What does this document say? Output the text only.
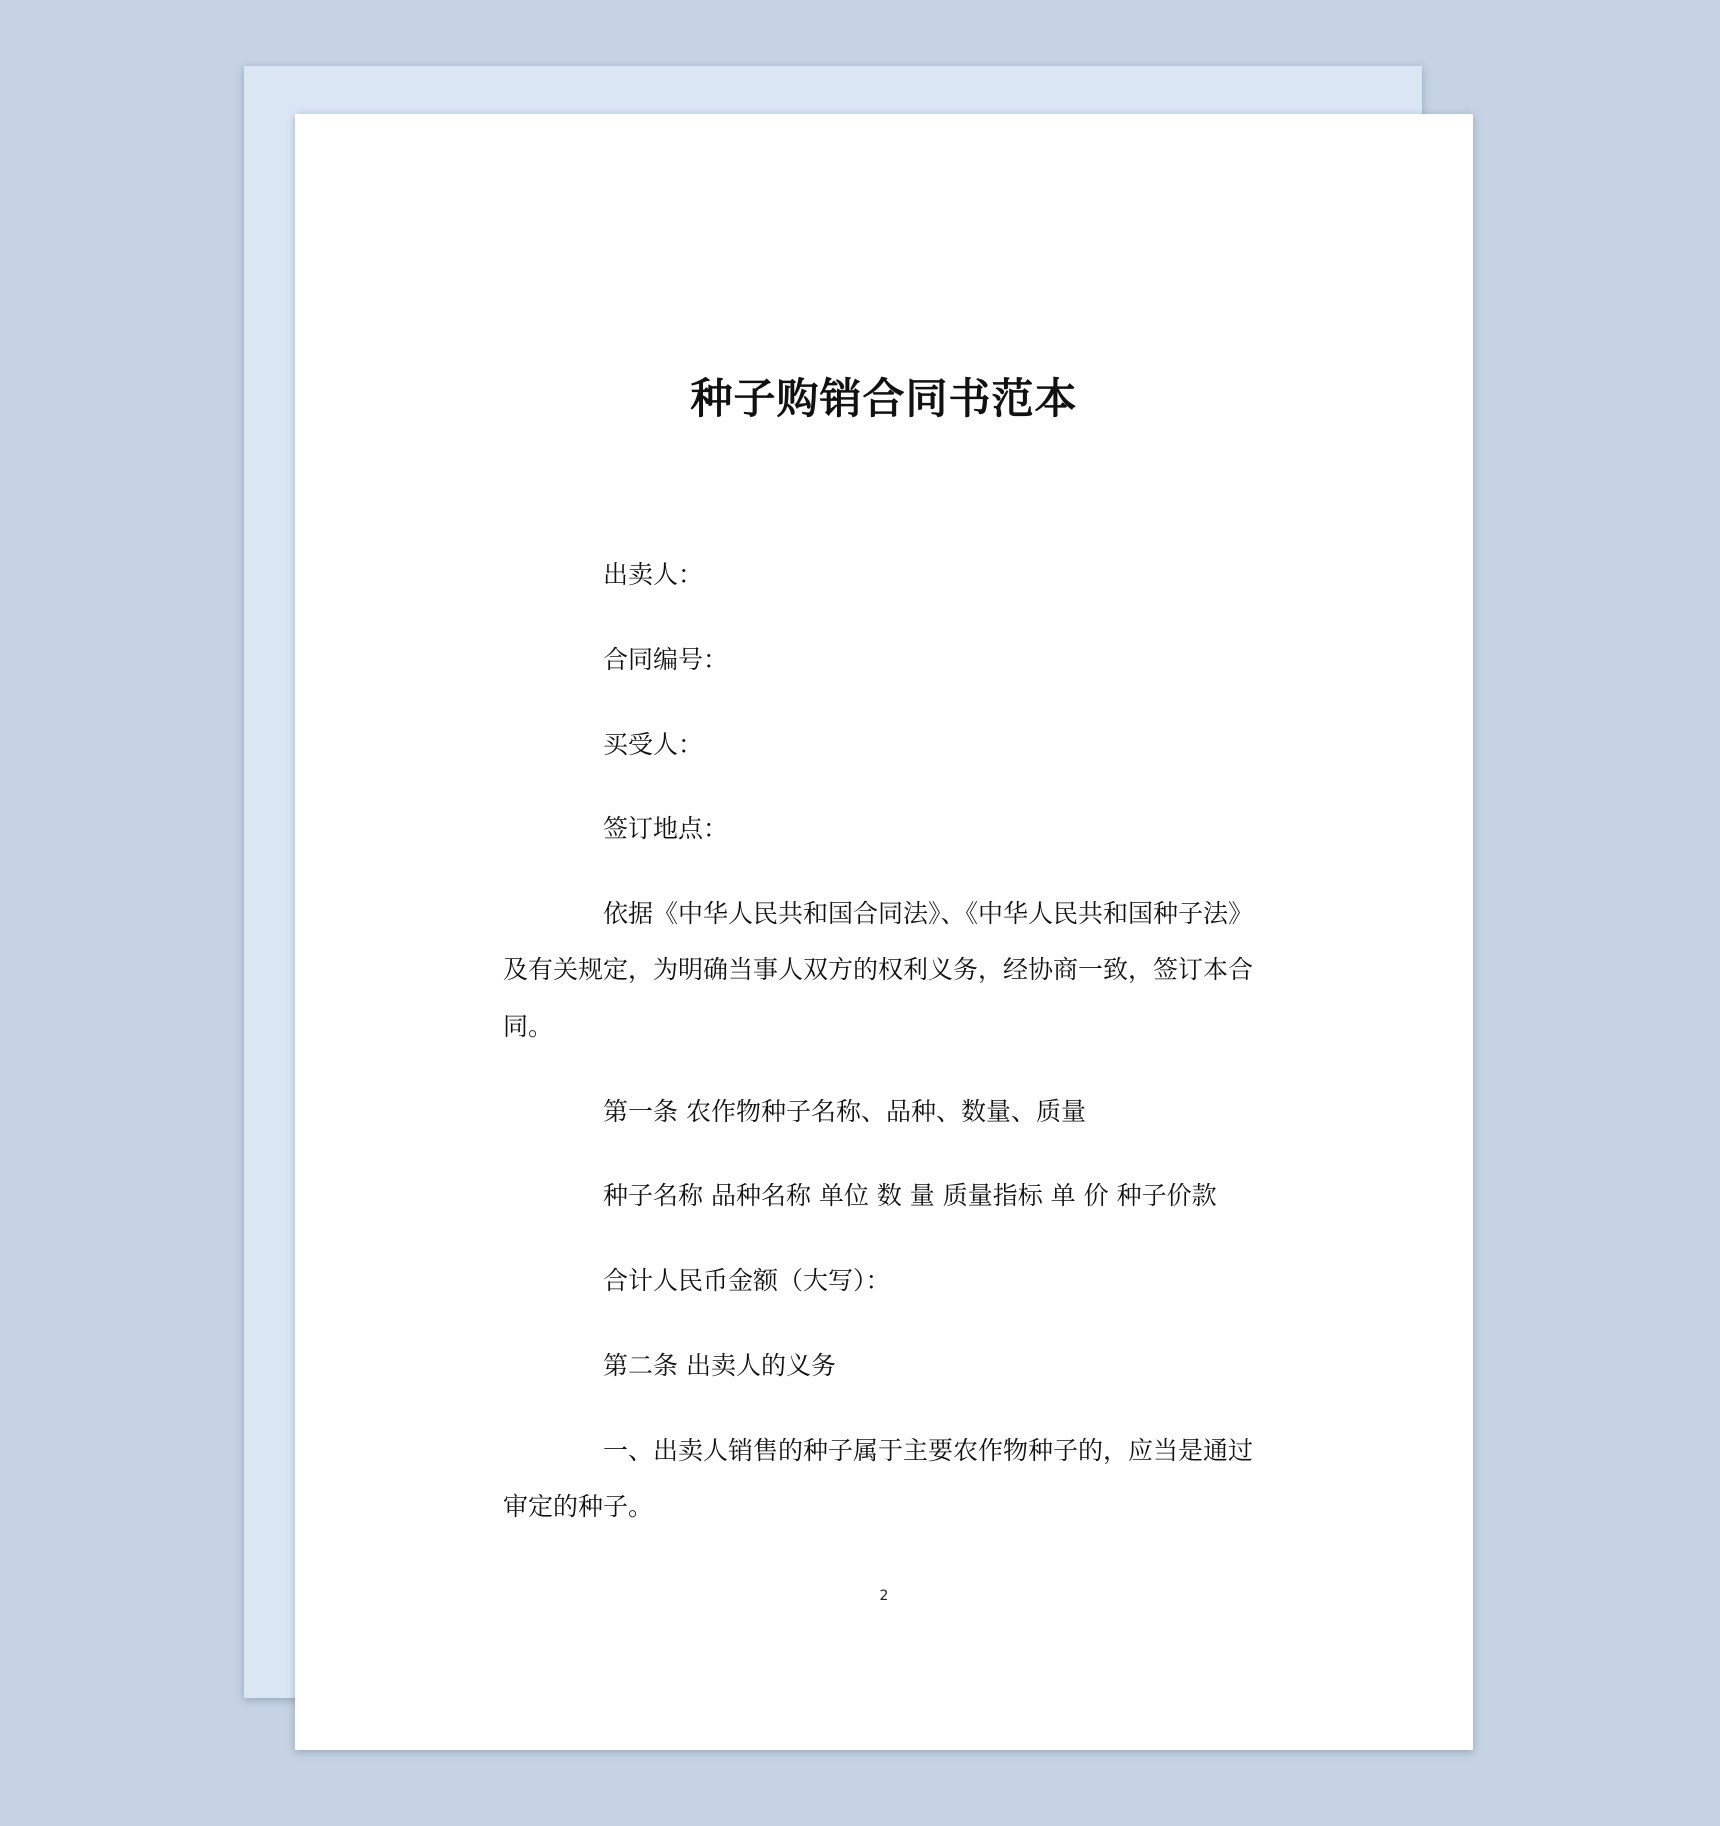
种子购销合同书范本

出卖人：

合同编号：

买受人：

签订地点：

依据《中华人民共和国合同法》、《中华人民共和国种子法》

及有关规定，为明确当事人双方的权利义务，经协商一致，签订本合

同。

第一条 农作物种子名称、品种、数量、质量

种子名称 品种名称 单位 数 量 质量指标 单 价 种子价款

合计人民币金额（大写）：

第二条 出卖人的义务

一、出卖人销售的种子属于主要农作物种子的，应当是通过

审定的种子。

2
